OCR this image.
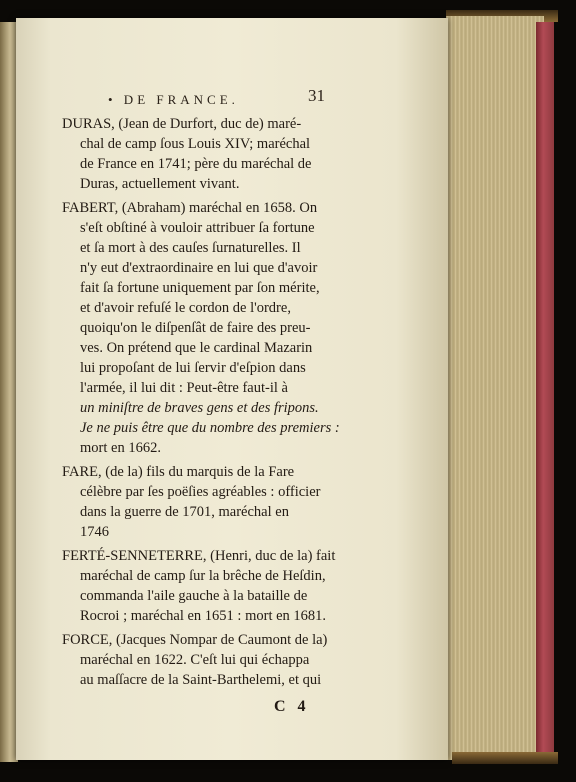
• DE FRANCE.	31
DURAS, (Jean de Durfort, duc de) maré-
chal de camp ſous Louis XIV; maréchal
de France en 1741; père du maréchal de
Duras, actuellement vivant.
FABERT, (Abraham) maréchal en 1658. On
s'eſt obſtiné à vouloir attribuer ſa fortune
et ſa mort à des cauſes ſurnaturelles. Il
n'y eut d'extraordinaire en lui que d'avoir
fait ſa fortune uniquement par ſon mérite,
et d'avoir refuſé le cordon de l'ordre,
quoiqu'on le diſpenſât de faire des preu-
ves. On prétend que le cardinal Mazarin
lui propoſant de lui ſervir d'eſpion dans
l'armée, il lui dit : Peut-être faut-il à
un miniſtre de braves gens et des fripons.
Je ne puis être que du nombre des premiers :
mort en 1662.
FARE, (de la) fils du marquis de la Fare
célèbre par ſes poëſies agréables : officier
dans la guerre de 1701, maréchal en
1746
FERTÉ-SENNETERRE, (Henri, duc de la) fait
maréchal de camp ſur la brêche de Heſdin,
commanda l'aile gauche à la bataille de
Rocroi ; maréchal en 1651 : mort en 1681.
FORCE, (Jacques Nompar de Caumont de la)
maréchal en 1622. C'eſt lui qui échappa
au maſſacre de la Saint-Barthelemi, et qui
C 4
